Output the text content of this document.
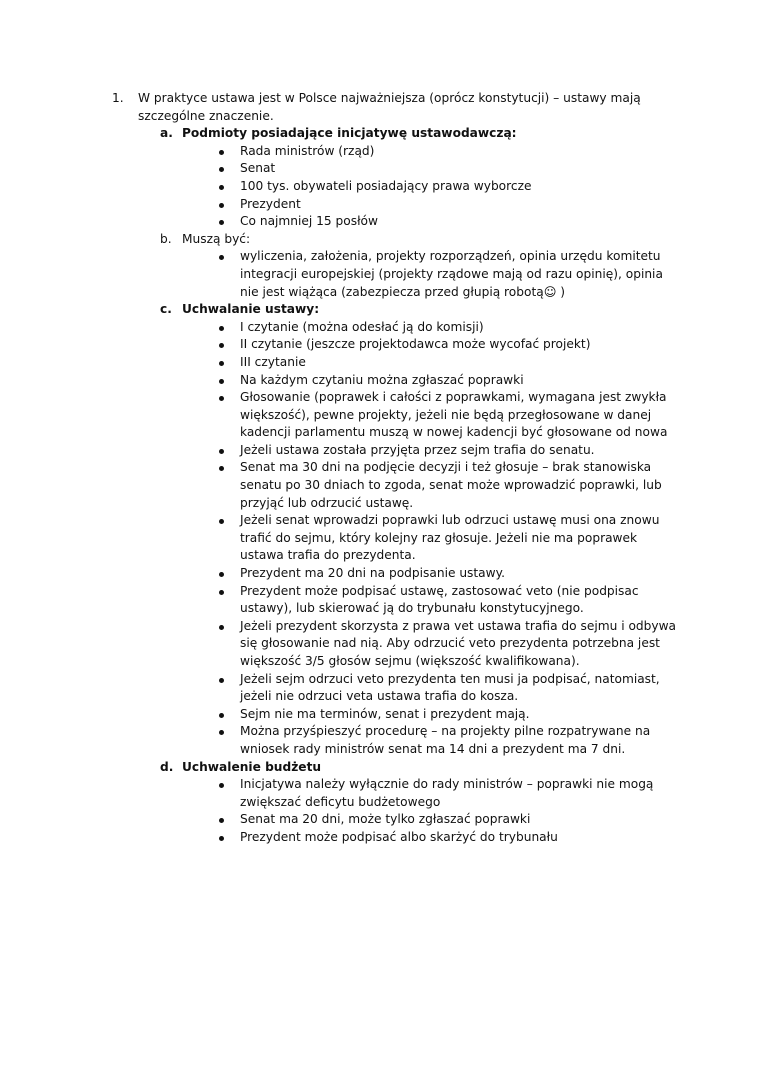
1. W praktyce ustawa jest w Polsce najważniejsza (oprócz konstytucji) – ustawy mają szczególne znaczenie.
a. Podmioty posiadające inicjatywę ustawodawczą:
Rada ministrów (rząd)
Senat
100 tys. obywateli posiadający prawa wyborcze
Prezydent
Co najmniej 15 posłów
b. Muszą być:
wyliczenia, założenia, projekty rozporządzeń, opinia urzędu komitetu integracji europejskiej (projekty rządowe mają od razu opinię), opinia nie jest wiążąca (zabezpiecza przed głupią robotą☺ )
c. Uchwalanie ustawy:
I czytanie (można odesłać ją do komisji)
II czytanie (jeszcze projektodawca może wycofać projekt)
III czytanie
Na każdym czytaniu można zgłaszać poprawki
Głosowanie (poprawek i całości z poprawkami, wymagana jest zwykła większość), pewne projekty, jeżeli nie będą przegłosowane w danej kadencji parlamentu muszą w nowej kadencji być głosowane od nowa
Jeżeli ustawa została przyjęta przez sejm trafia do senatu.
Senat ma 30 dni na podjęcie decyzji i też głosuje – brak stanowiska senatu po 30 dniach to zgoda, senat może wprowadzić poprawki, lub przyjąć lub odrzucić ustawę.
Jeżeli senat wprowadzi poprawki lub odrzuci ustawę musi ona znowu trafić do sejmu, który kolejny raz głosuje. Jeżeli nie ma poprawek ustawa trafia do prezydenta.
Prezydent ma 20 dni na podpisanie ustawy.
Prezydent może podpisać ustawę, zastosować veto (nie podpisac ustawy), lub skierować ją do trybunału konstytucyjnego.
Jeżeli prezydent skorzysta z prawa vet ustawa trafia do sejmu i odbywa się głosowanie nad nią. Aby odrzucić veto prezydenta potrzebna jest większość 3/5 głosów sejmu (większość kwalifikowana).
Jeżeli sejm odrzuci veto prezydenta ten musi ja podpisać, natomiast, jeżeli nie odrzuci veta ustawa trafia do kosza.
Sejm nie ma terminów, senat i prezydent mają.
Można przyśpieszyć procedurę – na projekty pilne rozpatrywane na wniosek rady ministrów senat ma 14 dni a prezydent ma 7 dni.
d. Uchwalenie budżetu
Inicjatywa należy wyłącznie do rady ministrów – poprawki nie mogą zwiększać deficytu budżetowego
Senat ma 20 dni, może tylko zgłaszać poprawki
Prezydent może podpisać albo skarżyć do trybunału
